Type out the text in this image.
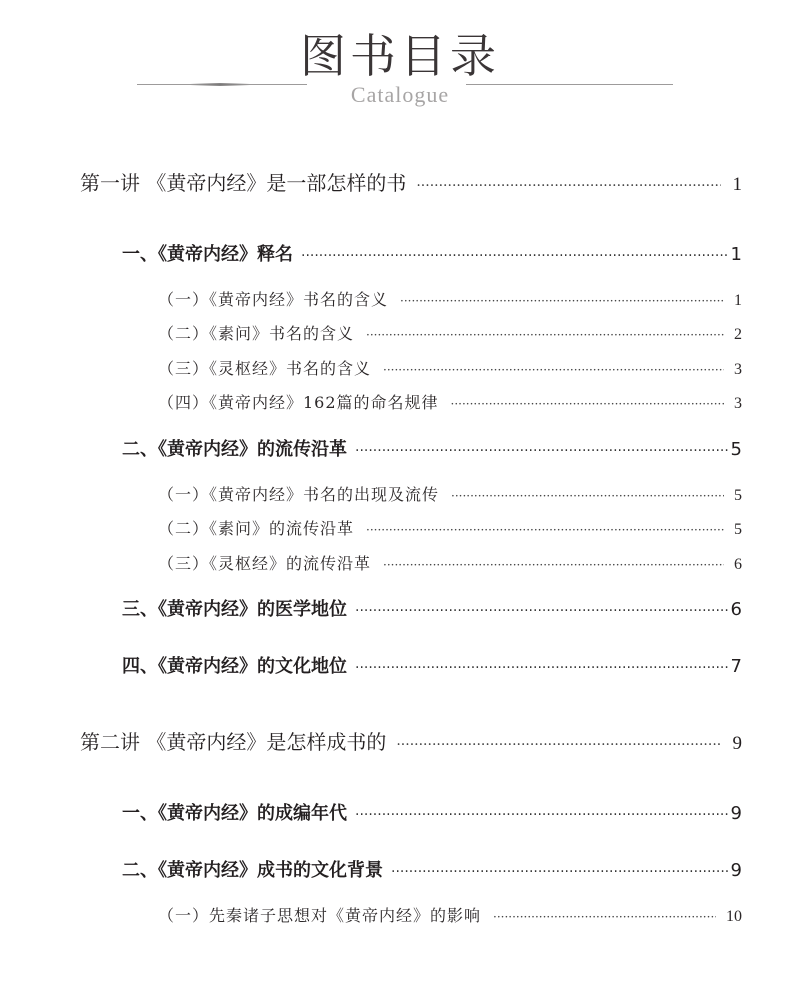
图书目录
Catalogue
第一讲 《黄帝内经》是一部怎样的书 ·····	1
一、《黄帝内经》释名 ·····	1
（一）《黄帝内经》书名的含义 ·····	1
（二）《素问》书名的含义 ·····	2
（三）《灵枢经》书名的含义 ·····	3
（四）《黄帝内经》162篇的命名规律 ·····	3
二、《黄帝内经》的流传沿革 ·····	5
（一）《黄帝内经》书名的出现及流传 ·····	5
（二）《素问》的流传沿革 ·····	5
（三）《灵枢经》的流传沿革 ·····	6
三、《黄帝内经》的医学地位 ·····	6
四、《黄帝内经》的文化地位 ·····	7
第二讲 《黄帝内经》是怎样成书的 ·····	9
一、《黄帝内经》的成编年代 ·····	9
二、《黄帝内经》成书的文化背景 ·····	9
（一）先秦诸子思想对《黄帝内经》的影响 ·····	10
